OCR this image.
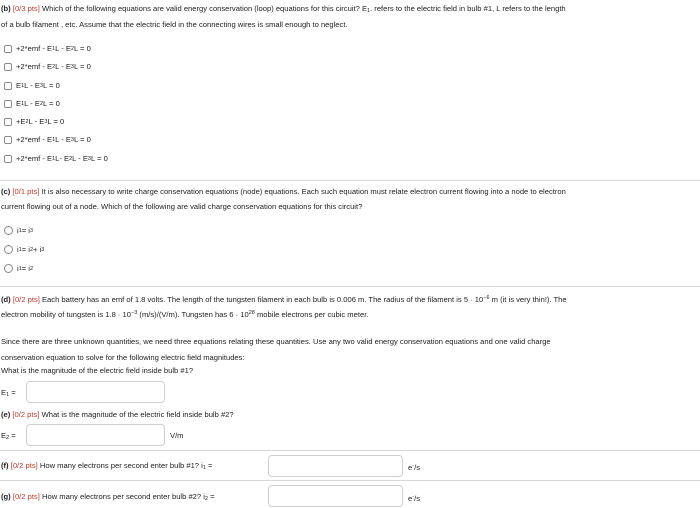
(b) [0/3 pts] Which of the following equations are valid energy conservation (loop) equations for this circuit? $E_1$. refers to the electric field in bulb #1, L refers to the length
of a bulb filament , etc. Assume that the electric field in the connecting wires is small enough to neglect.
+2*emf - E 1 L - E 2 L = 0
+2*emf - E 2 L - E 3 L = 0
E 1 L - E 3 L = 0
E 1 L - E 2 L = 0
+E 2 L - E 3 L = 0
+2*emf - E 1 L - E 3 L = 0
+2*emf - E 1 L- E 2 L - E 3 L = 0
(c) [0/1 pts] It is also necessary to write charge conservation equations (node) equations. Each such equation must relate electron current flowing into a node to electron
current flowing out of a node. Which of the following are valid charge conservation equations for this circuit?
i 1 = i 3
i 1 = i 2 + i 3
i 1 = i 2
(d) [0/2 pts] Each battery has an emf of 1.8 volts. The length of the tungsten filament in each bulb is 0.006 m. The radius of the filament is $5 \cdot 10^{-6}$ m (it is very thin!). The
electron mobility of tungsten is $1.8 \cdot 10^{-3}$ (m/s)/(V/m). Tungsten has $6 \cdot 10^{28}$ mobile electrons per cubic meter.
Since there are three unknown quantities, we need three equations relating these quantities. Use any two valid energy conservation equations and one valid charge
conservation equation to solve for the following electric field magnitudes:
What is the magnitude of the electric field inside bulb #1?
$E_1$ =
(e) [0/2 pts] What is the magnitude of the electric field inside bulb #2?
$E_2$ =	V/m
(f) [0/2 pts] How many electrons per second enter bulb #1? $i_1$ =	e-/s
(g) [0/2 pts] How many electrons per second enter bulb #2? $i_2$ =	e-/s
